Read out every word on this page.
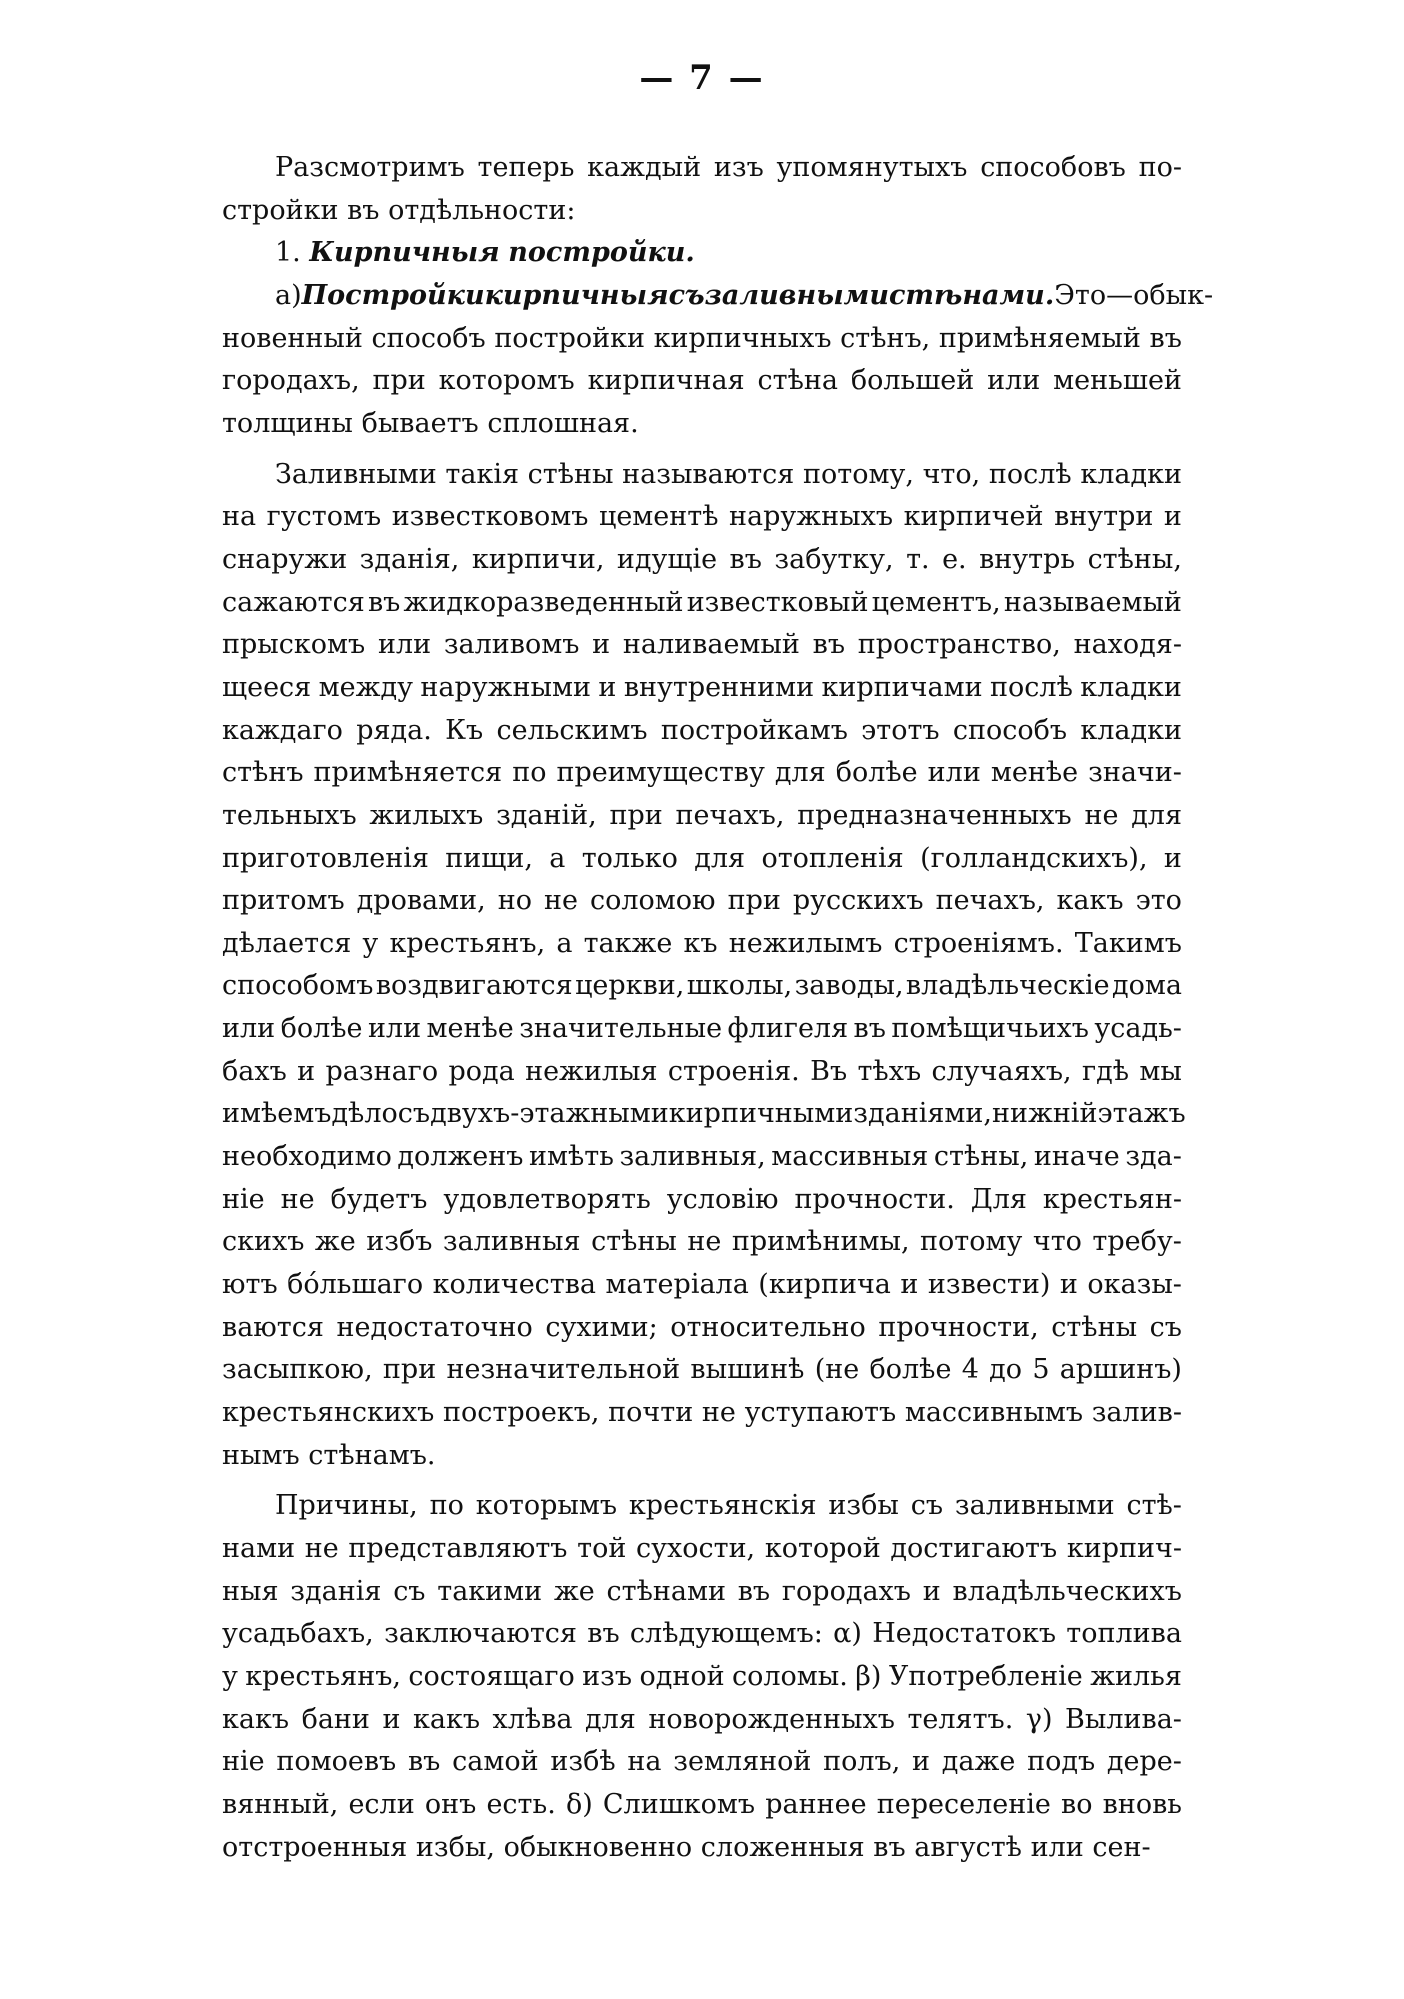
— 7 —
Разсмотримъ теперь каждый изъ упомянутыхъ способовъ по-
стройки въ отдѣльности:
1. Кирпичныя постройки.
а) Постройки кирпичныя съ заливными стѣнами. Это—обык-
новенный способъ постройки кирпичныхъ стѣнъ, примѣняемый въ
городахъ, при которомъ кирпичная стѣна большей или меньшей
толщины бываетъ сплошная.
Заливными такія стѣны называются потому, что, послѣ кладки
на густомъ известковомъ цементѣ наружныхъ кирпичей внутри и
снаружи зданія, кирпичи, идущіе въ забутку, т. е. внутрь стѣны,
сажаются въ жидкоразведенный известковый цементъ, называемый
прыскомъ или заливомъ и наливаемый въ пространство, находя-
щееся между наружными и внутренними кирпичами послѣ кладки
каждаго ряда. Къ сельскимъ постройкамъ этотъ способъ кладки
стѣнъ примѣняется по преимуществу для болѣе или менѣе значи-
тельныхъ жилыхъ зданій, при печахъ, предназначенныхъ не для
приготовленія пищи, а только для отопленія (голландскихъ), и
притомъ дровами, но не соломою при русскихъ печахъ, какъ это
дѣлается у крестьянъ, а также къ нежилымъ строеніямъ. Такимъ
способомъ воздвигаются церкви, школы, заводы, владѣльческіе дома
или болѣе или менѣе значительные флигеля въ помѣщичьихъ усадь-
бахъ и разнаго рода нежилыя строенія. Въ тѣхъ случаяхъ, гдѣ мы
имѣемъ дѣло съ двухъ-этажными кирпичными зданіями, нижній этажъ
необходимо долженъ имѣть заливныя, массивныя стѣны, иначе зда-
ніе не будетъ удовлетворять условію прочности. Для крестьян-
скихъ же избъ заливныя стѣны не примѣнимы, потому что требу-
ютъ бо́льшаго количества матеріала (кирпича и извести) и оказы-
ваются недостаточно сухими; относительно прочности, стѣны съ
засыпкою, при незначительной вышинѣ (не болѣе 4 до 5 аршинъ)
крестьянскихъ построекъ, почти не уступаютъ массивнымъ залив-
нымъ стѣнамъ.
Причины, по которымъ крестьянскія избы съ заливными стѣ-
нами не представляютъ той сухости, которой достигаютъ кирпич-
ныя зданія съ такими же стѣнами въ городахъ и владѣльческихъ
усадьбахъ, заключаются въ слѣдующемъ: α) Недостатокъ топлива
у крестьянъ, состоящаго изъ одной соломы. β) Употребленіе жилья
какъ бани и какъ хлѣва для новорожденныхъ телятъ. γ) Вылива-
ніе помоевъ въ самой избѣ на земляной полъ, и даже подъ дере-
вянный, если онъ есть. δ) Слишкомъ раннее переселеніе во вновь
отстроенныя избы, обыкновенно сложенныя въ августѣ или сен-
